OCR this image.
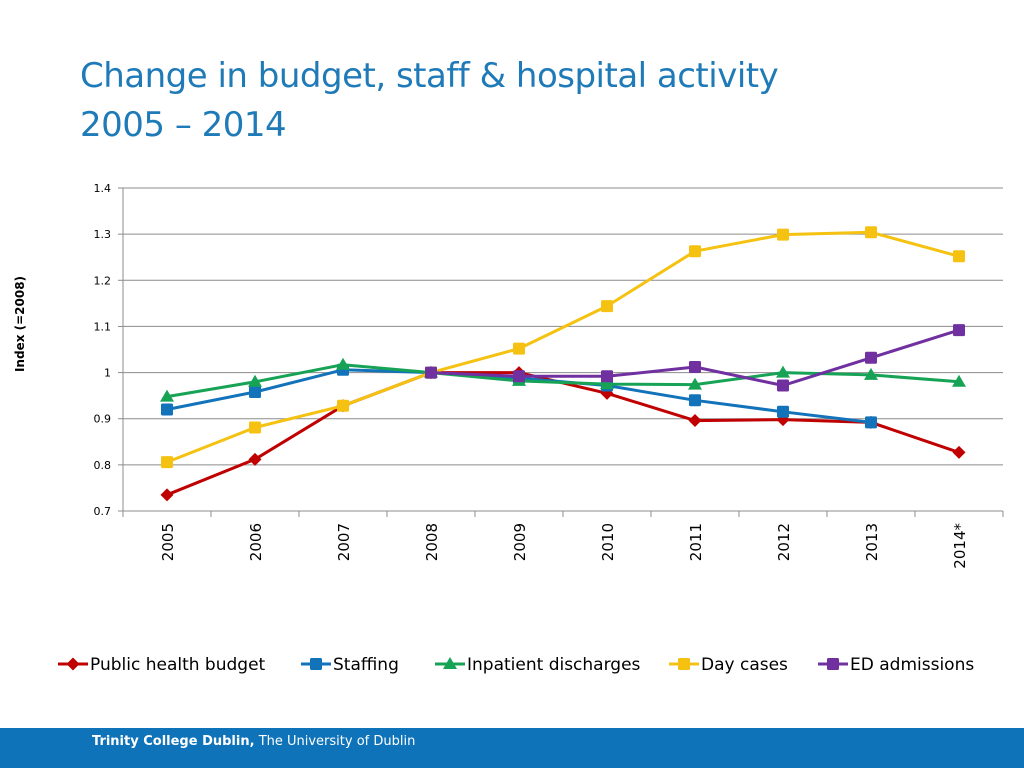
Change in budget, staff & hospital activity
2005 – 2014
0.7
0.8
0.9
1
1.1
1.2
1.3
1.4
2005	2006	2007	2008	2009	2010	2011	2012	2013	2014*
Index (=2008)
Public health budget	Staffing	Inpatient discharges	Day cases	ED admissions
Trinity College Dublin, The University of Dublin
